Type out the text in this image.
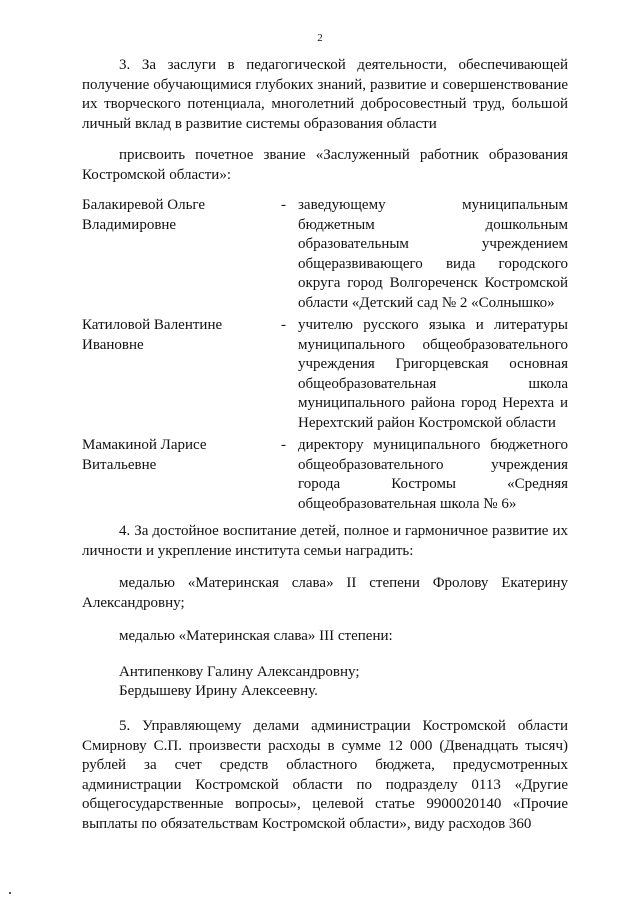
2
3. За заслуги в педагогической деятельности, обеспечивающей получение обучающимися глубоких знаний, развитие и совершенствование их творческого потенциала, многолетний добросовестный труд, большой личный вклад в развитие системы образования области
присвоить почетное звание «Заслуженный работник образования Костромской области»:
Балакиревой Ольге Владимировне
- заведующему муниципальным бюджетным дошкольным образовательным учреждением общеразвивающего вида городского округа город Волгореченск Костромской области «Детский сад № 2 «Солнышко»
Катиловой Валентине Ивановне
- учителю русского языка и литературы муниципального общеобразовательного учреждения Григорцевская основная общеобразовательная школа муниципального района город Нерехта и Нерехтский район Костромской области
Мамакиной Ларисе Витальевне
- директору муниципального бюджетного общеобразовательного учреждения города Костромы «Средняя общеобразовательная школа № 6»
4. За достойное воспитание детей, полное и гармоничное развитие их личности и укрепление института семьи наградить:
медалью «Материнская слава» II степени Фролову Екатерину Александровну;
медалью «Материнская слава» III степени:
Антипенкову Галину Александровну;
Бердышеву Ирину Алексеевну.
5. Управляющему делами администрации Костромской области Смирнову С.П. произвести расходы в сумме 12 000 (Двенадцать тысяч) рублей за счет средств областного бюджета, предусмотренных администрации Костромской области по подразделу 0113 «Другие общегосударственные вопросы», целевой статье 9900020140 «Прочие выплаты по обязательствам Костромской области», виду расходов 360
